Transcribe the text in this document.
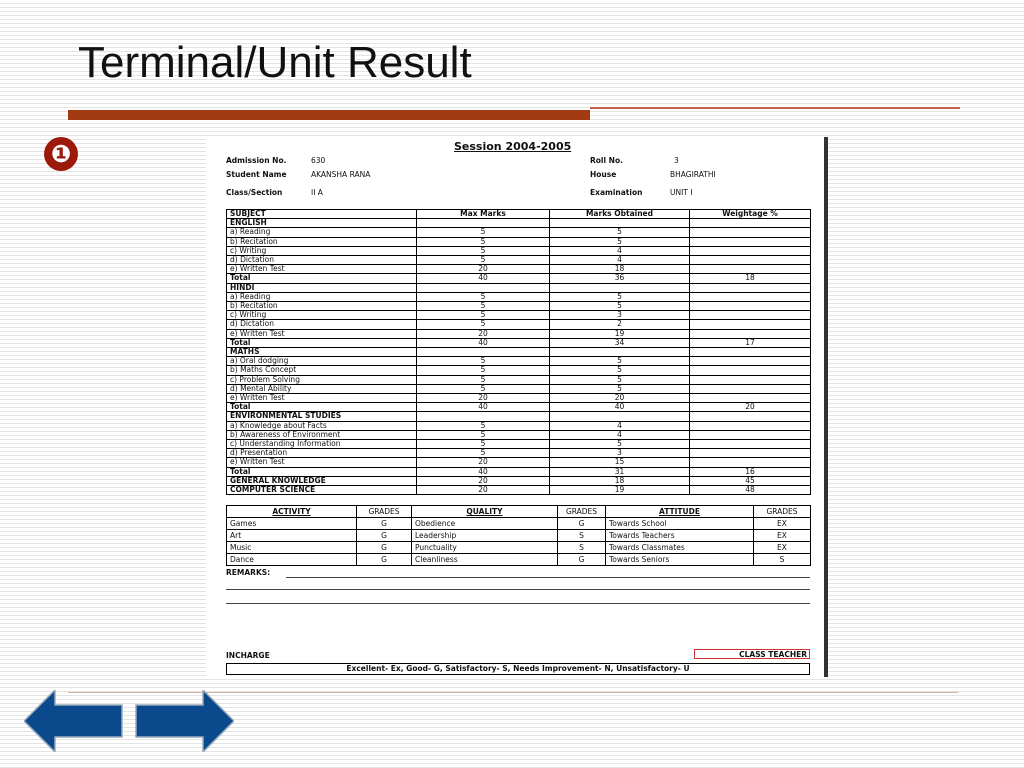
Terminal/Unit Result
❶	Session 2004-2005
Admission No.	630
Student Name	AKANSHA RANA
Class/Section	II A
Roll No.	3
House	BHAGIRATHI
Examination	UNIT I
SUBJECT	Max Marks	Marks Obtained	Weightage %
ENGLISH			
a) Reading	5	5	
b) Recitation	5	5	
c) Writing	5	4	
d) Dictation	5	4	
e) Written Test	20	18	
Total	40	36	18
HINDI			
a) Reading	5	5	
b) Recitation	5	5	
c) Writing	5	3	
d) Dictation	5	2	
e) Written Test	20	19	
Total	40	34	17
MATHS			
a) Oral dodging	5	5	
b) Maths Concept	5	5	
c) Problem Solving	5	5	
d) Mental Ability	5	5	
e) Written Test	20	20	
Total	40	40	20
ENVIRONMENTAL STUDIES			
a) Knowledge about Facts	5	4	
b) Awareness of Environment	5	4	
c) Understanding Information	5	5	
d) Presentation	5	3	
e) Written Test	20	15	
Total	40	31	16
GENERAL KNOWLEDGE	20	18	45
COMPUTER SCIENCE	20	19	48
ACTIVITY	GRADES	QUALITY	GRADES	ATTITUDE	GRADES
Games	G	Obedience	G	Towards School	EX
Art	G	Leadership	S	Towards Teachers	EX
Music	G	Punctuality	S	Towards Classmates	EX
Dance	G	Cleanliness	G	Towards Seniors	S
REMARKS:
INCHARGE	CLASS TEACHER
Excellent- Ex, Good- G, Satisfactory- S, Needs Improvement- N, Unsatisfactory- U
